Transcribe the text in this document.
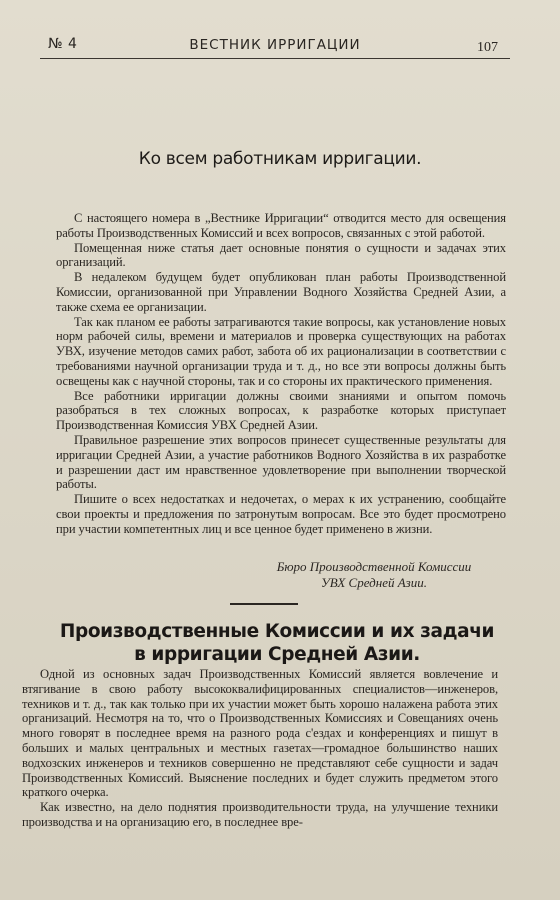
№ 4	ВЕСТНИК ИРРИГАЦИИ	107
Ко всем работникам ирригации.

С настоящего номера в „Вестнике Ирригации“ отводится место для освещения работы Производственных Комиссий и всех вопросов, связанных с этой работой.

Помещенная ниже статья дает основные понятия о сущности и задачах этих организаций.

В недалеком будущем будет опубликован план работы Производственной Комиссии, организованной при Управлении Водного Хозяйства Средней Азии, а также схема ее организации.

Так как планом ее работы затрагиваются такие вопросы, как установление новых норм рабочей силы, времени и материалов и проверка существующих на работах УВХ, изучение методов самих работ, забота об их рационализации в соответствии с требованиями научной организации труда и т. д., но все эти вопросы должны быть освещены как с научной стороны, так и со стороны их практического применения.

Все работники ирригации должны своими знаниями и опытом помочь разобраться в тех сложных вопросах, к разработке которых приступает Производственная Комиссия УВХ Средней Азии.

Правильное разрешение этих вопросов принесет существенные результаты для ирригации Средней Азии, а участие работников Водного Хозяйства в их разработке и разрешении даст им нравственное удовлетворение при выполнении творческой работы.

Пишите о всех недостатках и недочетах, о мерах к их устранению, сообщайте свои проекты и предложения по затронутым вопросам. Все это будет просмотрено при участии компетентных лиц и все ценное будет применено в жизни.

Бюро Производственной Комиссии
УВХ Средней Азии.
Производственные Комиссии и их задачи
в ирригации Средней Азии.

Одной из основных задач Производственных Комиссий является вовлечение и втягивание в свою работу высококвалифицированных специалистов—инженеров, техников и т. д., так как только при их участии может быть хорошо налажена работа этих организаций. Несмотря на то, что о Производственных Комиссиях и Совещаниях очень много говорят в последнее время на разного рода с'ездах и конференциях и пишут в больших и малых центральных и местных газетах—громадное большинство наших водхозских инженеров и техников совершенно не представляют себе сущности и задач Производственных Комиссий. Выяснение последних и будет служить предметом этого краткого очерка.

Как известно, на дело поднятия производительности труда, на улучшение техники производства и на организацию его, в последнее вре-
